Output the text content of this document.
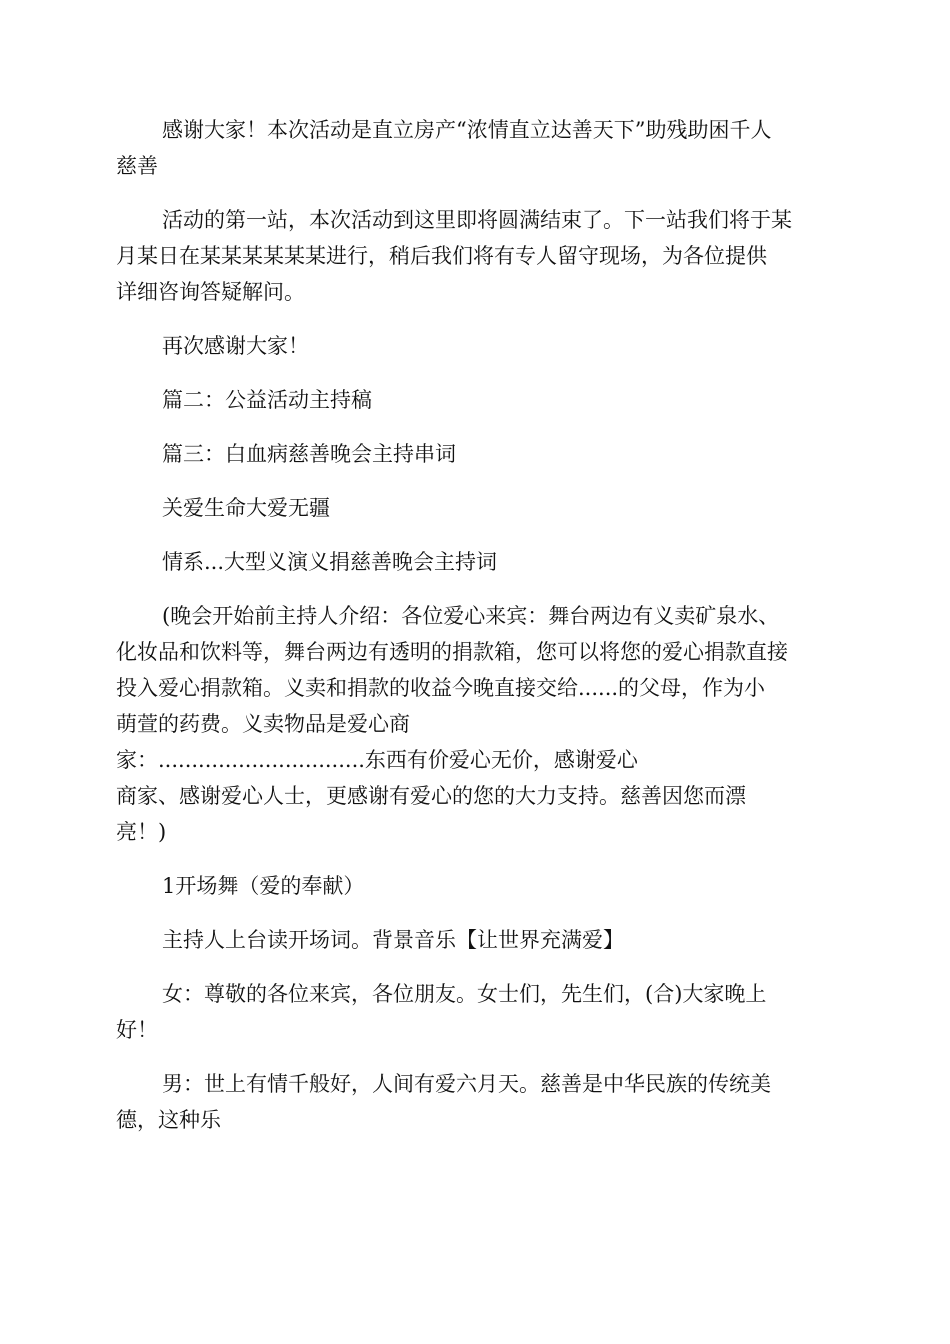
感谢大家！本次活动是直立房产“浓情直立达善天下”助残助困千人
慈善

活动的第一站，本次活动到这里即将圆满结束了。下一站我们将于某
月某日在某某某某某某进行，稍后我们将有专人留守现场，为各位提供
详细咨询答疑解问。

再次感谢大家！

篇二：公益活动主持稿

篇三：白血病慈善晚会主持串词

关爱生命大爱无疆

情系...大型义演义捐慈善晚会主持词

(晚会开始前主持人介绍：各位爱心来宾：舞台两边有义卖矿泉水、
化妆品和饮料等，舞台两边有透明的捐款箱，您可以将您的爱心捐款直接
投入爱心捐款箱。义卖和捐款的收益今晚直接交给......的父母，作为小
萌萱的药费。义卖物品是爱心商
家：...............................东西有价爱心无价，感谢爱心
商家、感谢爱心人士，更感谢有爱心的您的大力支持。慈善因您而漂
亮！)

1开场舞（爱的奉献）

主持人上台读开场词。背景音乐【让世界充满爱】

女：尊敬的各位来宾，各位朋友。女士们，先生们，(合)大家晚上
好！

男：世上有情千般好，人间有爱六月天。慈善是中华民族的传统美
德，这种乐
